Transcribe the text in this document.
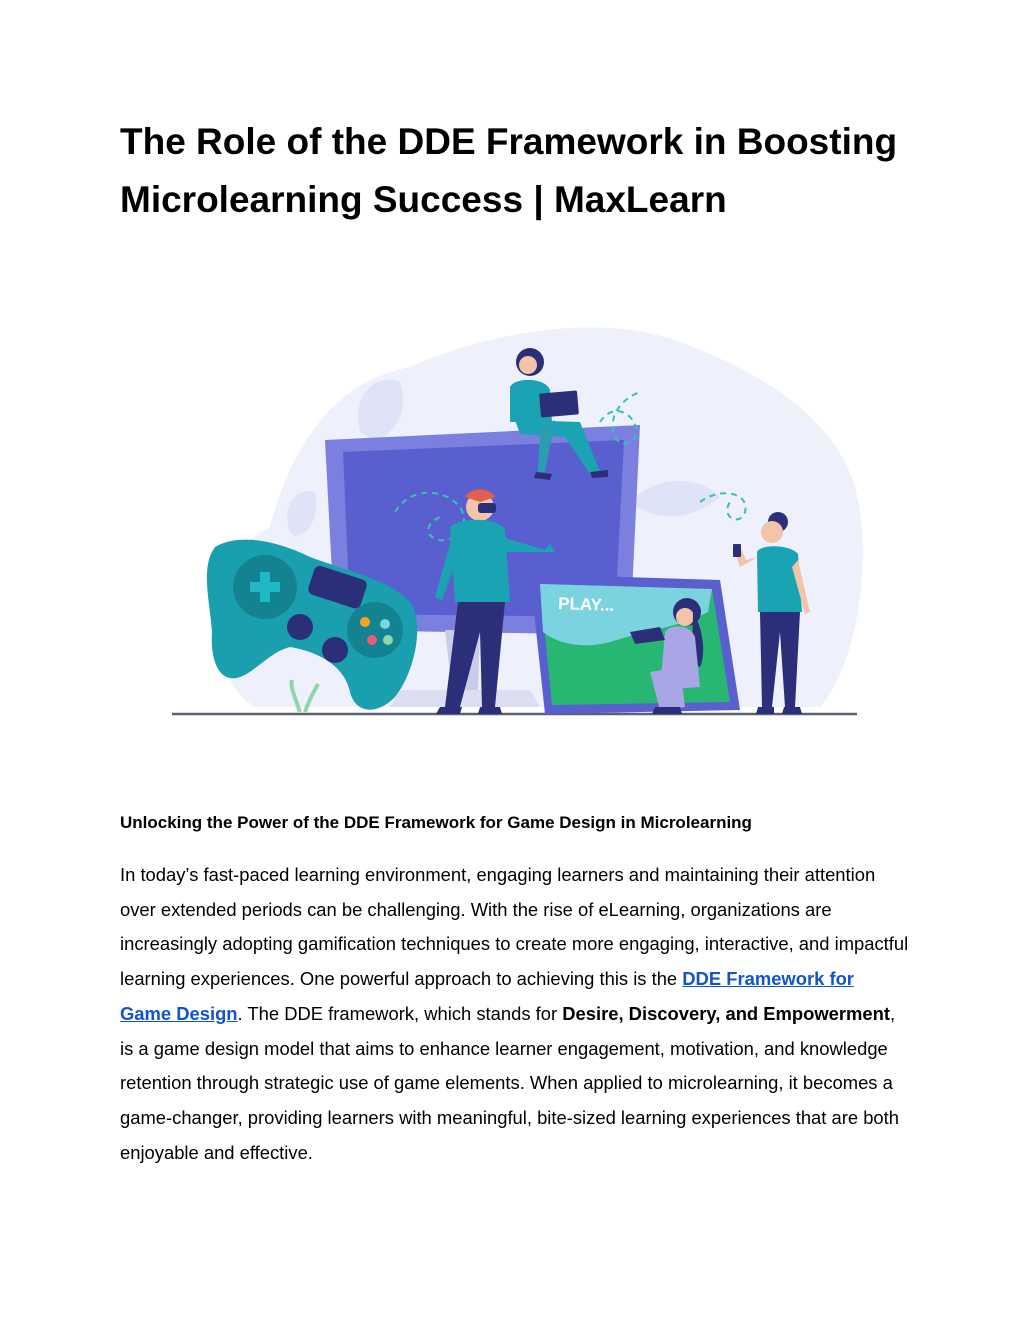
The Role of the DDE Framework in Boosting Microlearning Success | MaxLearn
PLAY...
Unlocking the Power of the DDE Framework for Game Design in Microlearning

In today’s fast-paced learning environment, engaging learners and maintaining their attention over extended periods can be challenging. With the rise of eLearning, organizations are increasingly adopting gamification techniques to create more engaging, interactive, and impactful learning experiences. One powerful approach to achieving this is the DDE Framework for Game Design. The DDE framework, which stands for Desire, Discovery, and Empowerment, is a game design model that aims to enhance learner engagement, motivation, and knowledge retention through strategic use of game elements. When applied to microlearning, it becomes a game-changer, providing learners with meaningful, bite-sized learning experiences that are both enjoyable and effective.
